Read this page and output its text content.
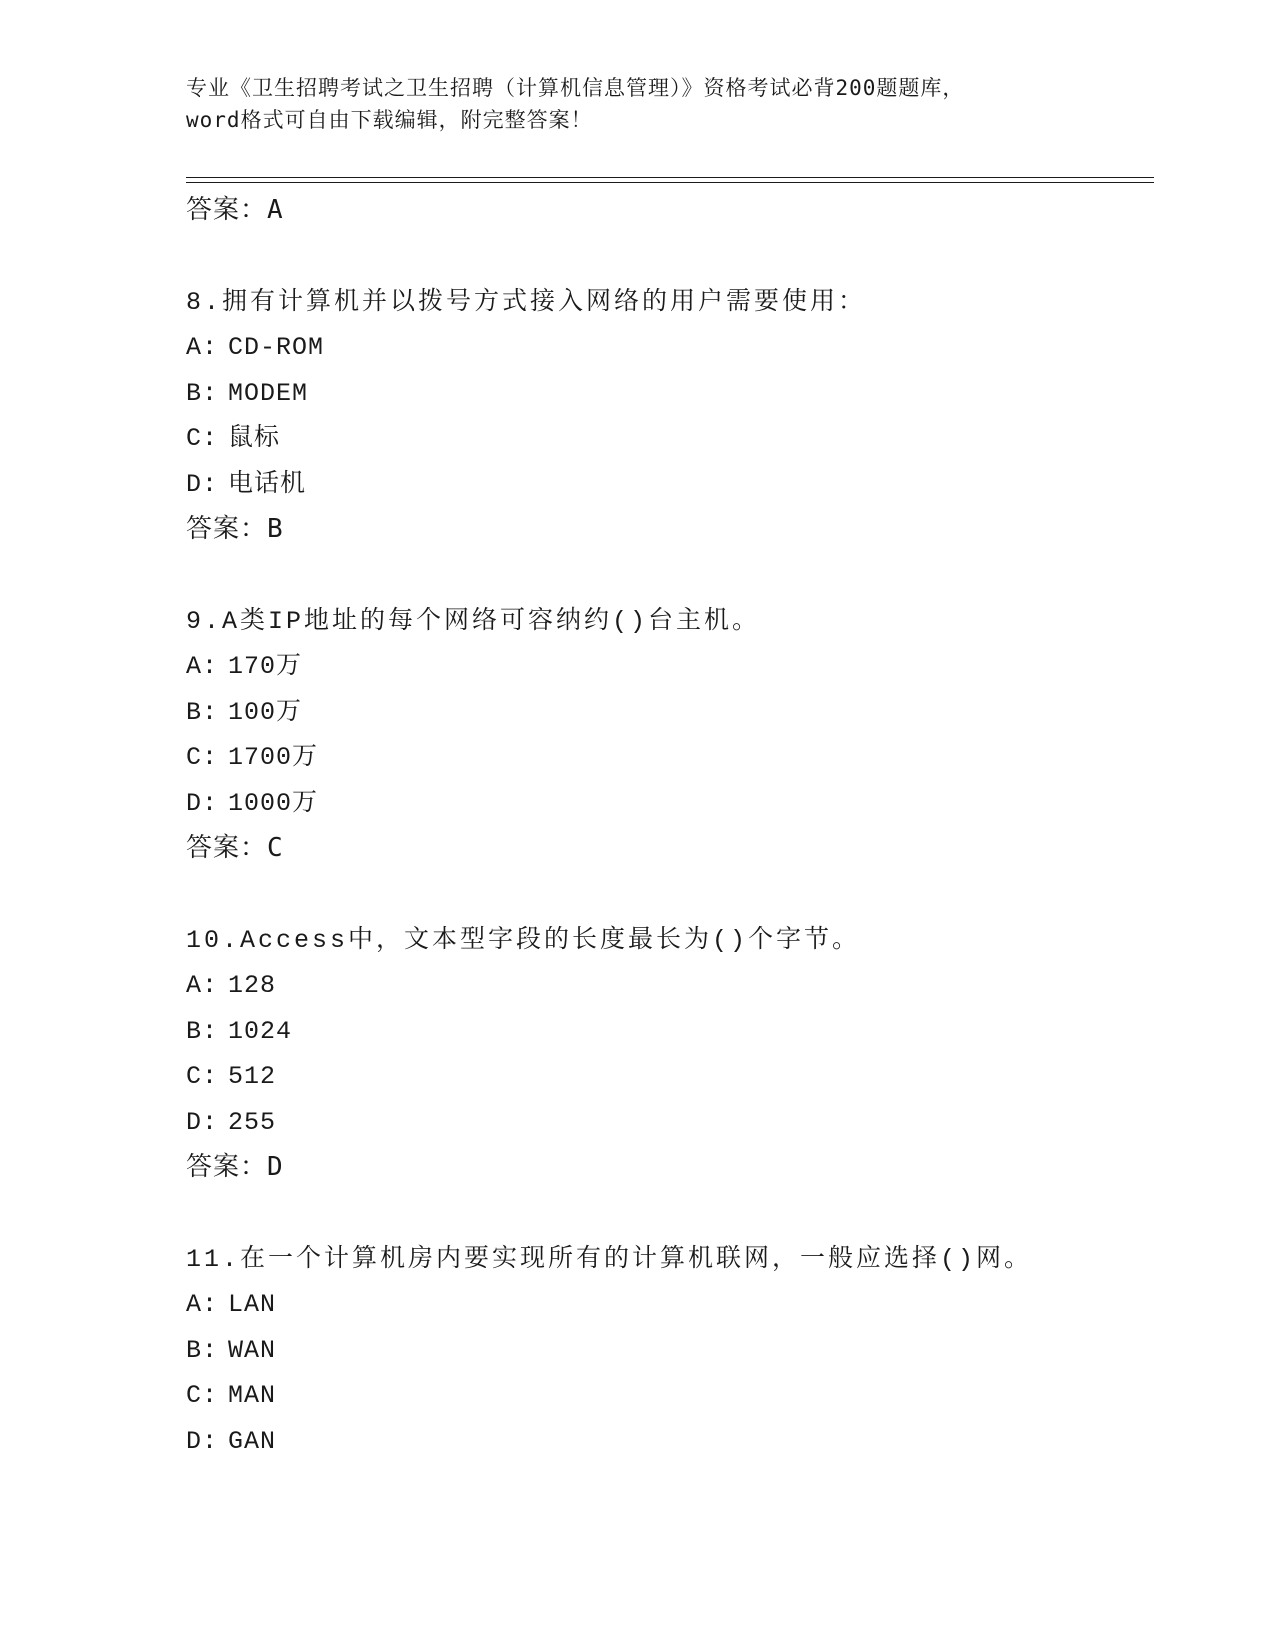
专业《卫生招聘考试之卫生招聘（计算机信息管理）》资格考试必背200题题库，
word格式可自由下载编辑，附完整答案！
答案：A
8.拥有计算机并以拨号方式接入网络的用户需要使用：
A: CD-ROM
B: MODEM
C: 鼠标
D: 电话机
答案：B
9.A类IP地址的每个网络可容纳约()台主机。
A: 170万
B: 100万
C: 1700万
D: 1000万
答案：C
10.Access中，文本型字段的长度最长为()个字节。
A: 128
B: 1024
C: 512
D: 255
答案：D
11.在一个计算机房内要实现所有的计算机联网，一般应选择()网。
A: LAN
B: WAN
C: MAN
D: GAN
